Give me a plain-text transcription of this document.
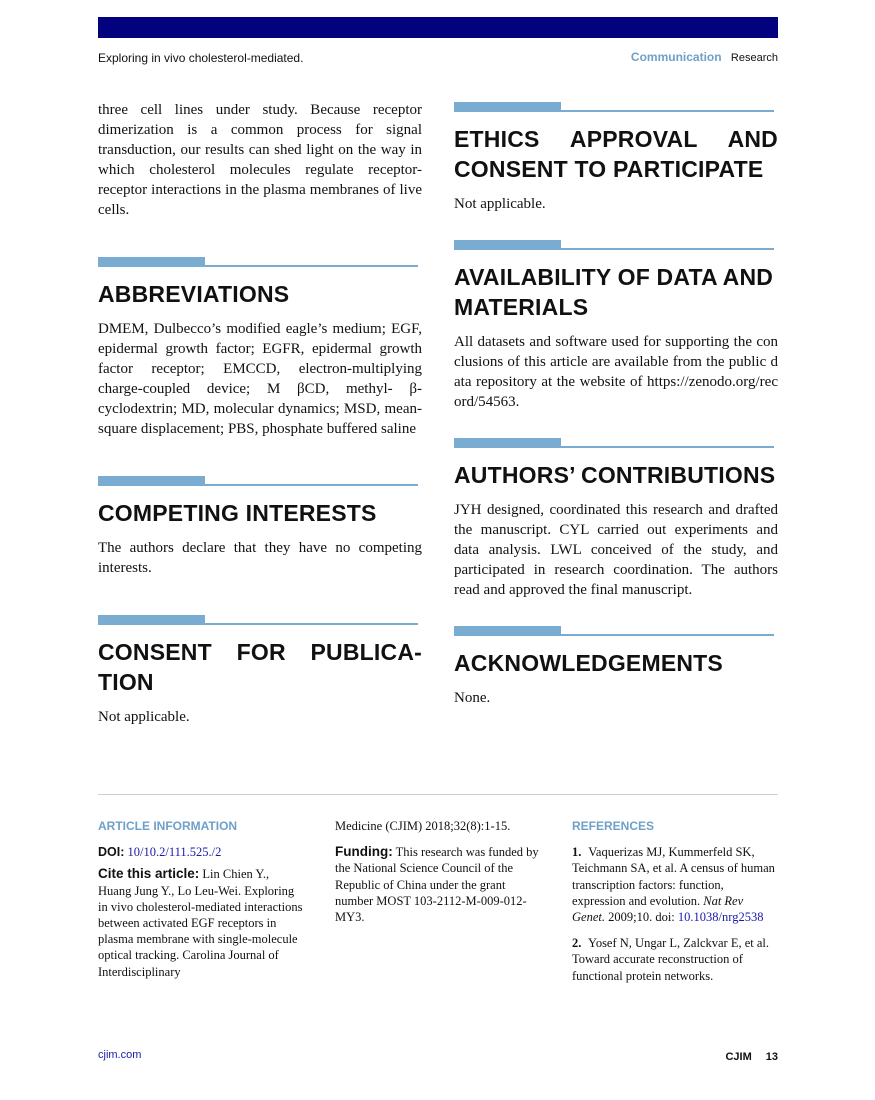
Exploring in vivo cholesterol-mediated.	Communication Research

three cell lines under study. Because receptor dimerization is a common process for signal transduction, our results can shed light on the way in which cholesterol molecules regulate receptor-receptor interactions in the plasma membranes of live cells.

ABBREVIATIONS

DMEM, Dulbecco’s modified eagle’s medium; EGF, epidermal growth factor; EGFR, epidermal growth factor receptor; EMCCD, electron-multiplying charge-coupled device; M βCD, methyl- β-cyclodextrin; MD, molecular dynamics; MSD, mean-square displacement; PBS, phosphate buffered saline

COMPETING INTERESTS

The authors declare that they have no competing interests.

CONSENT FOR PUBLICA-
TION

Not applicable.

ETHICS APPROVAL AND
CONSENT TO PARTICIPATE

Not applicable.

AVAILABILITY OF DATA AND
MATERIALS

All datasets and software used for supporting the conclusions of this article are available from the public data repository at the website of https://zenodo.org/record/54563.

AUTHORS’ CONTRIBUTIONS

JYH designed, coordinated this research and drafted the manuscript. CYL carried out experiments and data analysis. LWL conceived of the study, and participated in research coordination. The authors read and approved the final manuscript.

ACKNOWLEDGEMENTS

None.

ARTICLE INFORMATION
DOI: 10/10.2/111.525./2
Cite this article: Lin Chien Y., Huang Jung Y., Lo Leu-Wei. Exploring in vivo cholesterol-mediated interactions between activated EGF receptors in plasma membrane with single-molecule optical tracking. Carolina Journal of Interdisciplinary
Medicine (CJIM) 2018;32(8):1-15.
Funding: This research was funded by the National Science Council of the Republic of China under the grant number MOST 103-2112-M-009-012-MY3.
REFERENCES
1. Vaquerizas MJ, Kummerfeld SK, Teichmann SA, et al. A census of human transcription factors: function, expression and evolution. Nat Rev Genet. 2009;10. doi: 10.1038/nrg2538
2. Yosef N, Ungar L, Zalckvar E, et al. Toward accurate reconstruction of functional protein networks.
cjim.com	CJIM 13
